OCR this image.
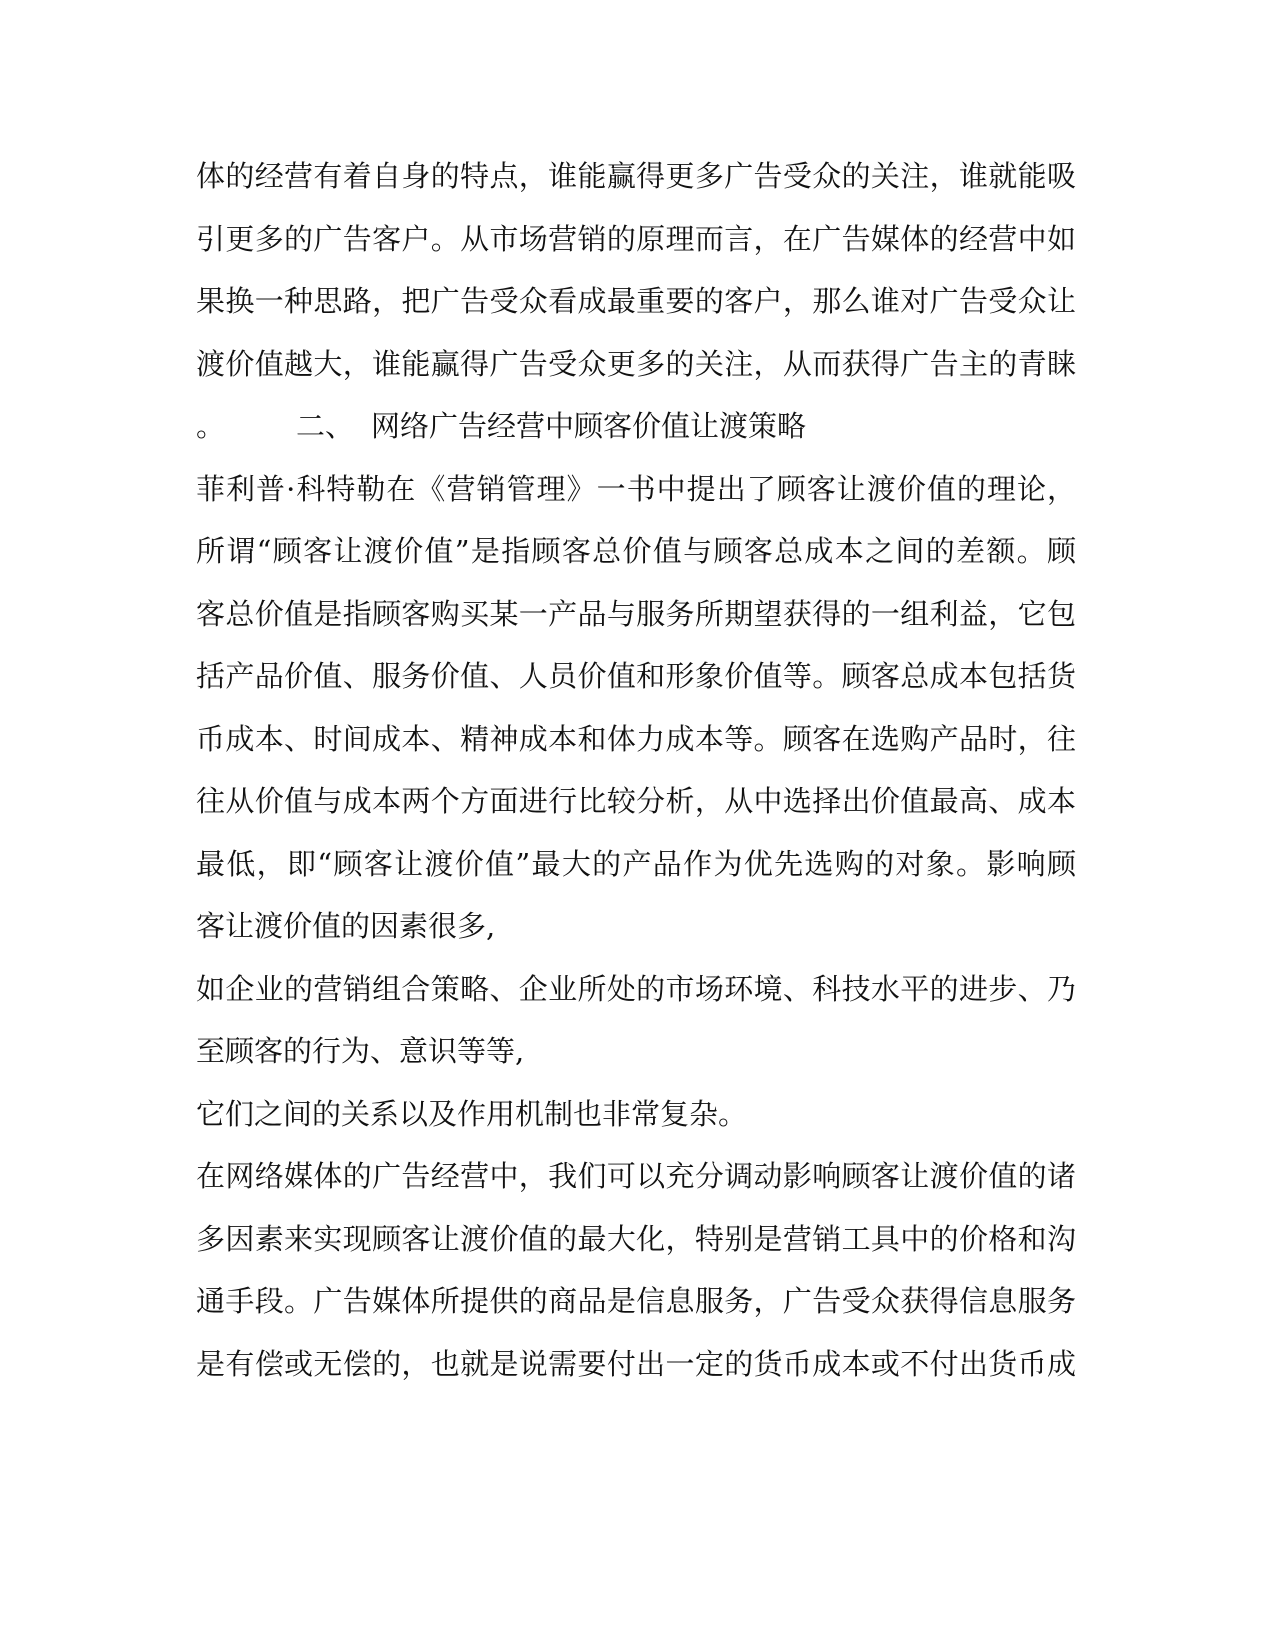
体的经营有着自身的特点，谁能赢得更多广告受众的关注，谁就能吸
引更多的广告客户。从市场营销的原理而言，在广告媒体的经营中如
果换一种思路，把广告受众看成最重要的客户，那么谁对广告受众让
渡价值越大，谁能赢得广告受众更多的关注，从而获得广告主的青睐
。 二、 网络广告经营中顾客价值让渡策略
菲利普·科特勒在《营销管理》一书中提出了顾客让渡价值的理论，
所谓“顾客让渡价值”是指顾客总价值与顾客总成本之间的差额。顾
客总价值是指顾客购买某一产品与服务所期望获得的一组利益，它包
括产品价值、服务价值、人员价值和形象价值等。顾客总成本包括货
币成本、时间成本、精神成本和体力成本等。顾客在选购产品时，往
往从价值与成本两个方面进行比较分析，从中选择出价值最高、成本
最低，即“顾客让渡价值”最大的产品作为优先选购的对象。影响顾
客让渡价值的因素很多,
如企业的营销组合策略、企业所处的市场环境、科技水平的进步、乃
至顾客的行为、意识等等,
它们之间的关系以及作用机制也非常复杂。
在网络媒体的广告经营中，我们可以充分调动影响顾客让渡价值的诸
多因素来实现顾客让渡价值的最大化，特别是营销工具中的价格和沟
通手段。广告媒体所提供的商品是信息服务，广告受众获得信息服务
是有偿或无偿的，也就是说需要付出一定的货币成本或不付出货币成
